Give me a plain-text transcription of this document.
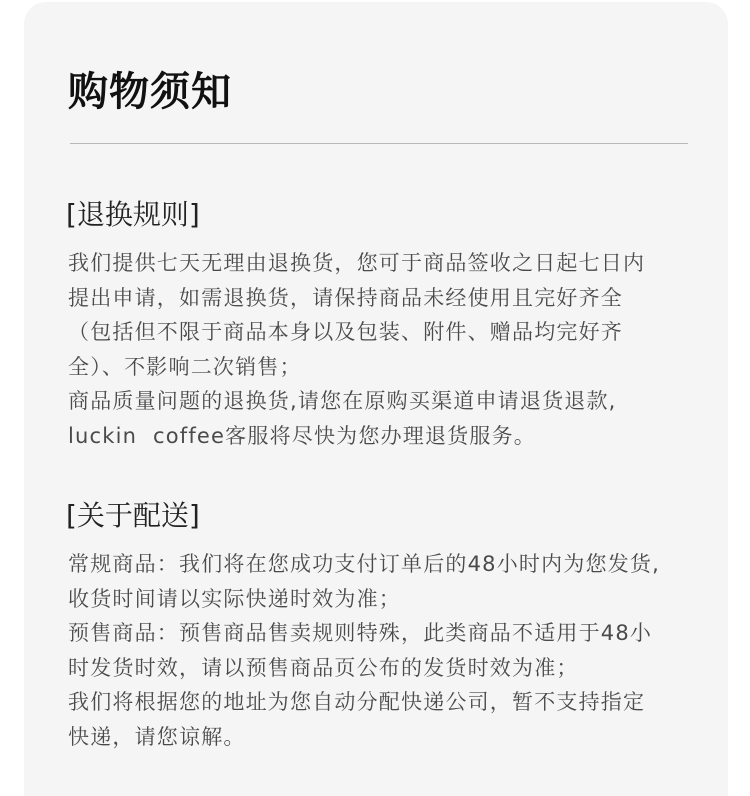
购物须知
[退换规则]
我们提供七天无理由退换货，您可于商品签收之日起七日内
提出申请，如需退换货，请保持商品未经使用且完好齐全
（包括但不限于商品本身以及包装、附件、赠品均完好齐
全）、不影响二次销售；
商品质量问题的退换货,请您在原购买渠道申请退货退款,
luckin  coffee客服将尽快为您办理退货服务。
[关于配送]
常规商品：我们将在您成功支付订单后的48小时内为您发货,
收货时间请以实际快递时效为准；
预售商品：预售商品售卖规则特殊，此类商品不适用于48小
时发货时效，请以预售商品页公布的发货时效为准；
我们将根据您的地址为您自动分配快递公司，暂不支持指定
快递，请您谅解。
